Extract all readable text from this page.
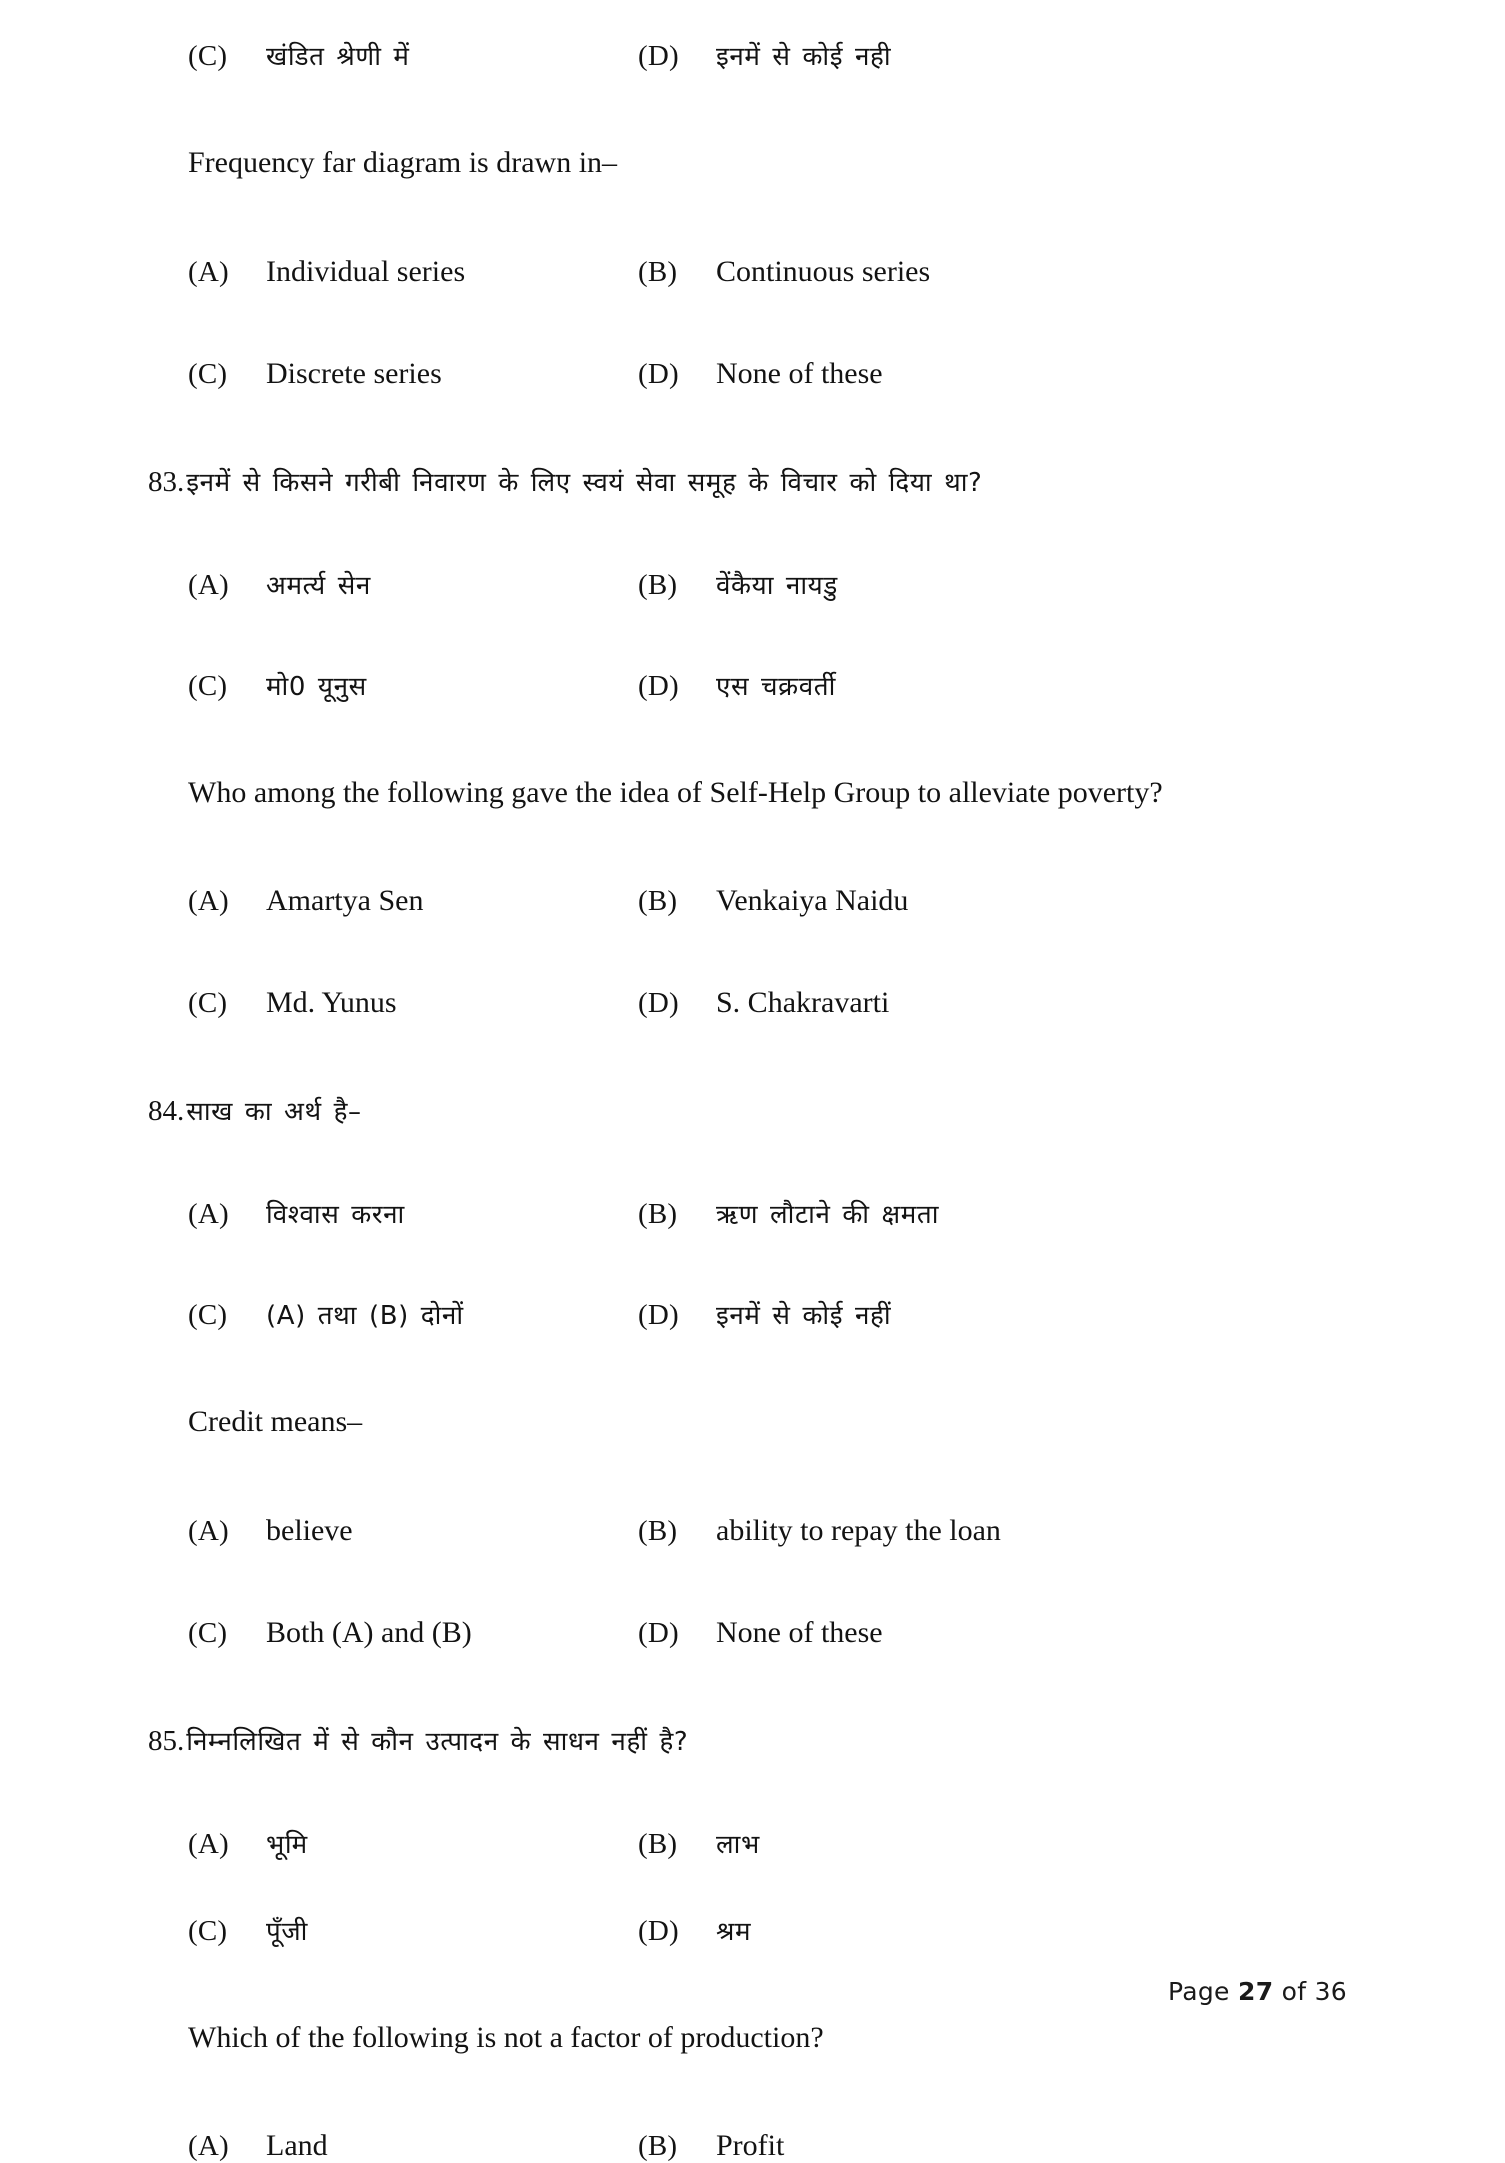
(C)	खंडित श्रेणी में	(D)	इनमें से कोई नही
Frequency far diagram is drawn in–
(A)	Individual series	(B)	Continuous series
(C)	Discrete series	(D)	None of these
83. इनमें से किसने गरीबी निवारण के लिए स्वयं सेवा समूह के विचार को दिया था?
(A)	अमर्त्य सेन	(B)	वेंकैया नायडु
(C)	मो0 यूनुस	(D)	एस चक्रवर्ती
Who among the following gave the idea of Self-Help Group to alleviate poverty?
(A)	Amartya Sen	(B)	Venkaiya Naidu
(C)	Md. Yunus	(D)	S. Chakravarti
84. साख का अर्थ है–
(A)	विश्वास करना	(B)	ऋण लौटाने की क्षमता
(C)	(A) तथा (B) दोनों	(D)	इनमें से कोई नहीं
Credit means–
(A)	believe	(B)	ability to repay the loan
(C)	Both (A) and (B)	(D)	None of these
85. निम्नलिखित में से कौन उत्पादन के साधन नहीं है?
(A)	भूमि	(B)	लाभ
(C)	पूँजी	(D)	श्रम
Which of the following is not a factor of production?
(A)	Land	(B)	Profit
Page 27 of 36
